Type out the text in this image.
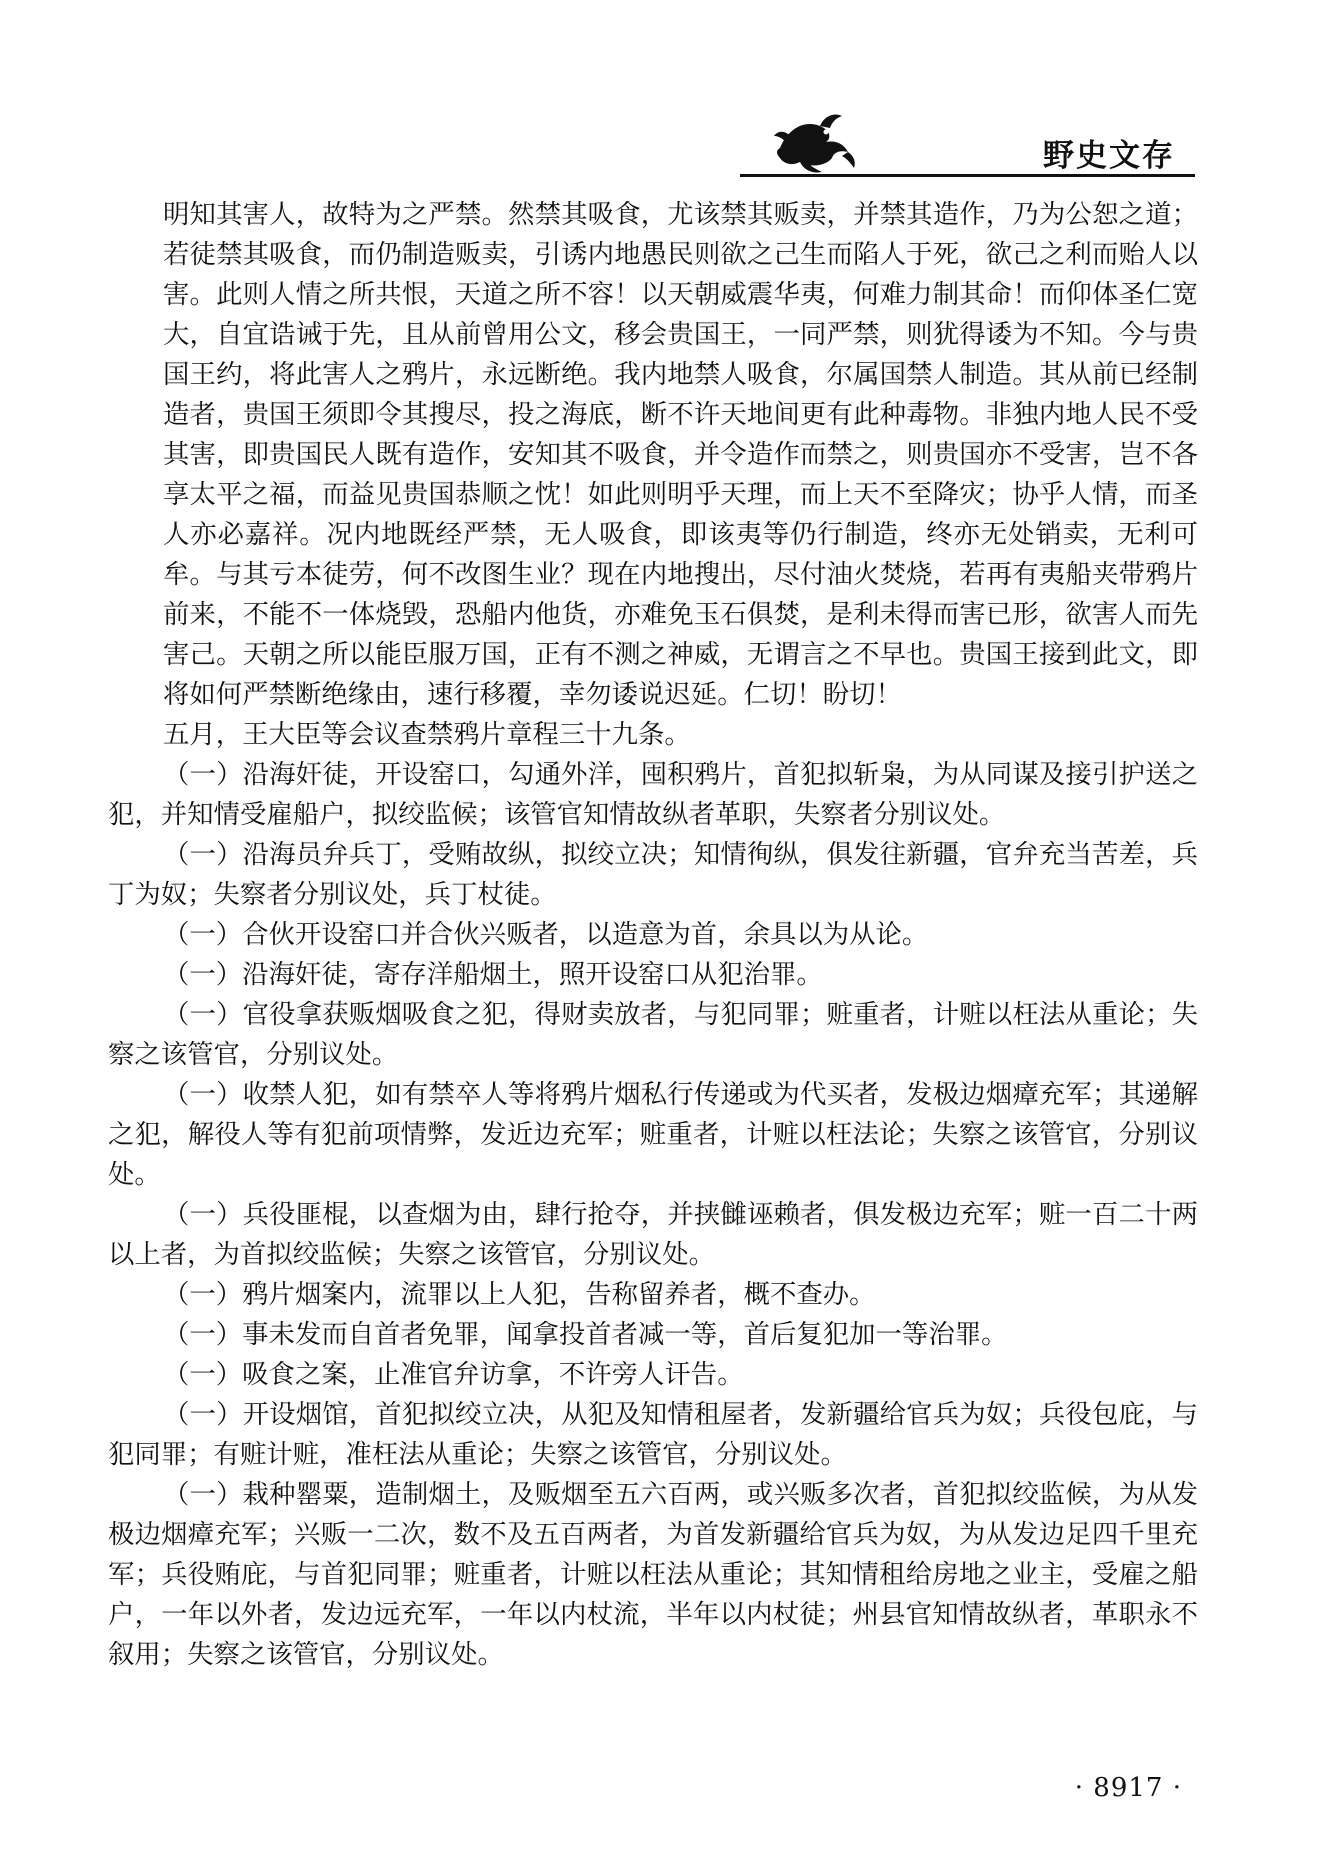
野史文存

明知其害人，故特为之严禁。然禁其吸食，尤该禁其贩卖，并禁其造作，乃为公恕之道；若徒禁其吸食，而仍制造贩卖，引诱内地愚民则欲之己生而陷人于死，欲己之利而贻人以害。此则人情之所共恨，天道之所不容！以天朝威震华夷，何难力制其命！而仰体圣仁宽大，自宜诰诫于先，且从前曾用公文，移会贵国王，一同严禁，则犹得诿为不知。今与贵国王约，将此害人之鸦片，永远断绝。我内地禁人吸食，尔属国禁人制造。其从前已经制造者，贵国王须即令其搜尽，投之海底，断不许天地间更有此种毒物。非独内地人民不受其害，即贵国民人既有造作，安知其不吸食，并令造作而禁之，则贵国亦不受害，岂不各享太平之福，而益见贵国恭顺之忱！如此则明乎天理，而上天不至降灾；协乎人情，而圣人亦必嘉祥。况内地既经严禁，无人吸食，即该夷等仍行制造，终亦无处销卖，无利可牟。与其亏本徒劳，何不改图生业？现在内地搜出，尽付油火焚烧，若再有夷船夹带鸦片前来，不能不一体烧毁，恐船内他货，亦难免玉石俱焚，是利未得而害已形，欲害人而先害己。天朝之所以能臣服万国，正有不测之神威，无谓言之不早也。贵国王接到此文，即将如何严禁断绝缘由，速行移覆，幸勿诿说迟延。仁切！盼切！

五月，王大臣等会议查禁鸦片章程三十九条。

（一）沿海奸徒，开设窑口，勾通外洋，囤积鸦片，首犯拟斩枭，为从同谋及接引护送之犯，并知情受雇船户，拟绞监候；该管官知情故纵者革职，失察者分别议处。

（一）沿海员弁兵丁，受贿故纵，拟绞立决；知情徇纵，俱发往新疆，官弁充当苦差，兵丁为奴；失察者分别议处，兵丁杖徒。

（一）合伙开设窑口并合伙兴贩者，以造意为首，余具以为从论。

（一）沿海奸徒，寄存洋船烟土，照开设窑口从犯治罪。

（一）官役拿获贩烟吸食之犯，得财卖放者，与犯同罪；赃重者，计赃以枉法从重论；失察之该管官，分别议处。

（一）收禁人犯，如有禁卒人等将鸦片烟私行传递或为代买者，发极边烟瘴充军；其递解之犯，解役人等有犯前项情弊，发近边充军；赃重者，计赃以枉法论；失察之该管官，分别议处。

（一）兵役匪棍，以查烟为由，肆行抢夺，并挟雠诬赖者，俱发极边充军；赃一百二十两以上者，为首拟绞监候；失察之该管官，分别议处。

（一）鸦片烟案内，流罪以上人犯，告称留养者，概不查办。

（一）事未发而自首者免罪，闻拿投首者减一等，首后复犯加一等治罪。

（一）吸食之案，止准官弁访拿，不许旁人讦告。

（一）开设烟馆，首犯拟绞立决，从犯及知情租屋者，发新疆给官兵为奴；兵役包庇，与犯同罪；有赃计赃，准枉法从重论；失察之该管官，分别议处。

（一）栽种罂粟，造制烟土，及贩烟至五六百两，或兴贩多次者，首犯拟绞监候，为从发极边烟瘴充军；兴贩一二次，数不及五百两者，为首发新疆给官兵为奴，为从发边足四千里充军；兵役贿庇，与首犯同罪；赃重者，计赃以枉法从重论；其知情租给房地之业主，受雇之船户，一年以外者，发边远充军，一年以内杖流，半年以内杖徒；州县官知情故纵者，革职永不叙用；失察之该管官，分别议处。

· 8917 ·
